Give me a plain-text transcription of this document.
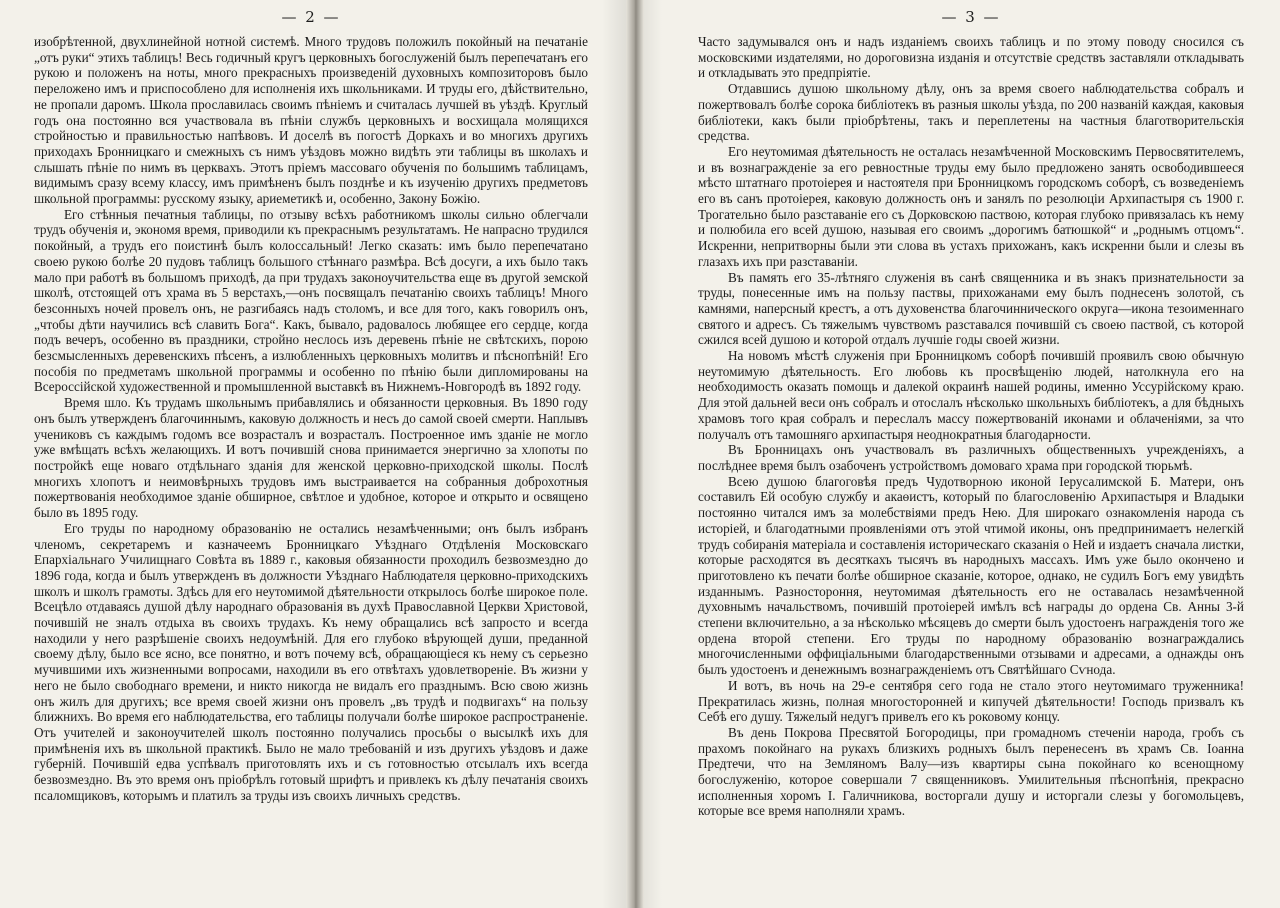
— 2 —

изобрѣтенной, двухлинейной нотной системѣ. Много трудовъ положилъ покойный на печатаніе „отъ руки“ этихъ таблицъ! Весь годичный кругъ церковныхъ богослуженій былъ перепечатанъ его рукою и положенъ на ноты, много прекрасныхъ произведеній духовныхъ композиторовъ было переложено имъ и приспособлено для исполненія ихъ школьниками. И труды его, дѣйствительно, не пропали даромъ. Школа прославилась своимъ пѣніемъ и считалась лучшей въ уѣздѣ. Круглый годъ она постоянно вся участвовала въ пѣніи службъ церковныхъ и восхищала молящихся стройностью и правильностью напѣвовъ. И доселѣ въ погостѣ Доркахъ и во многихъ другихъ приходахъ Бронницкаго и смежныхъ съ нимъ уѣздовъ можно видѣть эти таблицы въ школахъ и слышать пѣніе по нимъ въ церквахъ. Этотъ пріемъ массоваго обученія по большимъ таблицамъ, видимымъ сразу всему классу, имъ примѣненъ былъ позднѣе и къ изученію другихъ предметовъ школьной программы: русскому языку, ариеметикѣ и, особенно, Закону Божію.

Его стѣнныя печатныя таблицы, по отзыву всѣхъ работникомъ школы сильно облегчали трудъ обученія и, экономя время, приводили къ прекраснымъ результатамъ. Не напрасно трудился покойный, а трудъ его поистинѣ былъ колоссальный! Легко сказать: имъ было перепечатано своею рукою болѣе 20 пудовъ таблицъ большого стѣннаго размѣра. Всѣ досуги, а ихъ было такъ мало при работѣ въ большомъ приходѣ, да при трудахъ законоучительства еще въ другой земской школѣ, отстоящей отъ храма въ 5 верстахъ,—онъ посвящалъ печатанію своихъ таблицъ! Много безсонныхъ ночей провелъ онъ, не разгибаясь надъ столомъ, и все для того, какъ говорилъ онъ, „чтобы дѣти научились всѣ славить Бога“. Какъ, бывало, радовалось любящее его сердце, когда подъ вечеръ, особенно въ праздники, стройно неслось изъ деревень пѣніе не свѣтскихъ, порою безсмысленныхъ деревенскихъ пѣсенъ, а излюбленныхъ церковныхъ молитвъ и пѣснопѣній! Его пособія по предметамъ школьной программы и особенно по пѣнію были дипломированы на Всероссійской художественной и промышленной выставкѣ въ Нижнемъ-Новгородѣ въ 1892 году.

Время шло. Къ трудамъ школьнымъ прибавлялись и обязанности церковныя. Въ 1890 году онъ былъ утвержденъ благочиннымъ, каковую должность и несъ до самой своей смерти. Наплывъ учениковъ съ каждымъ годомъ все возрасталъ и возрасталъ. Построенное имъ зданіе не могло уже вмѣщать всѣхъ желающихъ. И вотъ почившій снова принимается энергично за хлопоты по постройкѣ еще новаго отдѣльнаго зданія для женской церковно-приходской школы. Послѣ многихъ хлопотъ и неимовѣрныхъ трудовъ имъ выстраивается на собранныя доброхотныя пожертвованія необходимое зданіе обширное, свѣтлое и удобное, которое и открыто и освящено было въ 1895 году.

Его труды по народному образованію не остались незамѣченными; онъ былъ избранъ членомъ, секретаремъ и казначеемъ Бронницкаго Уѣзднаго Отдѣленія Московскаго Епархіальнаго Училищнаго Совѣта въ 1889 г., каковыя обязанности проходилъ безвозмездно до 1896 года, когда и былъ утвержденъ въ должности Уѣзднаго Наблюдателя церковно-приходскихъ школъ и школъ грамоты. Здѣсь для его неутомимой дѣятельности открылось болѣе широкое поле. Всецѣло отдаваясь душой дѣлу народнаго образованія въ духѣ Православной Церкви Христовой, почившій не зналъ отдыха въ своихъ трудахъ. Къ нему обращались всѣ запросто и всегда находили у него разрѣшеніе своихъ недоумѣній. Для его глубоко вѣрующей души, преданной своему дѣлу, было все ясно, все понятно, и вотъ почему всѣ, обращающіеся къ нему съ серьезно мучившими ихъ жизненными вопросами, находили въ его отвѣтахъ удовлетвореніе. Въ жизни у него не было свободнаго времени, и никто никогда не видалъ его празднымъ. Всю свою жизнь онъ жилъ для другихъ; все время своей жизни онъ провелъ „въ трудѣ и подвигахъ“ на пользу ближнихъ. Во время его наблюдательства, его таблицы получали болѣе широкое распространеніе. Отъ учителей и законоучителей школъ постоянно получались просьбы о высылкѣ ихъ для примѣненія ихъ въ школьной практикѣ. Было не мало требованій и изъ другихъ уѣздовъ и даже губерній. Почившій едва успѣвалъ приготовлять ихъ и съ готовностью отсылалъ ихъ всегда безвозмездно. Въ это время онъ пріобрѣлъ готовый шрифтъ и привлекъ къ дѣлу печатанія своихъ псаломщиковъ, которымъ и платилъ за труды изъ своихъ личныхъ средствъ.

— 3 —

Часто задумывался онъ и надъ изданіемъ своихъ таблицъ и по этому поводу сносился съ московскими издателями, но дороговизна изданія и отсутствіе средствъ заставляли откладывать и откладывать это предпріятіе.

Отдавшись душою школьному дѣлу, онъ за время своего наблюдательства собралъ и пожертвовалъ болѣе сорока библіотекъ въ разныя школы уѣзда, по 200 названій каждая, каковыя библіотеки, какъ были пріобрѣтены, такъ и переплетены на частныя благотворительскія средства.

Его неутомимая дѣятельность не осталась незамѣченной Московскимъ Первосвятителемъ, и въ вознагражденіе за его ревностные труды ему было предложено занять освободившееся мѣсто штатнаго протоіерея и настоятеля при Бронницкомъ городскомъ соборѣ, съ возведеніемъ его въ санъ протоіерея, каковую должность онъ и занялъ по резолюціи Архипастыря съ 1900 г. Трогательно было разставаніе его съ Дорковскою паствою, которая глубоко привязалась къ нему и полюбила его всей душою, называя его своимъ „дорогимъ батюшкой“ и „роднымъ отцомъ“. Искренни, непритворны были эти слова въ устахъ прихожанъ, какъ искренни были и слезы въ глазахъ ихъ при разставаніи.

Въ память его 35-лѣтняго служенія въ санѣ священника и въ знакъ признательности за труды, понесенные имъ на пользу паствы, прихожанами ему былъ поднесенъ золотой, съ камнями, наперсный крестъ, а отъ духовенства благочиннического округа—икона тезоименнаго святого и адресъ. Съ тяжелымъ чувствомъ разставался почившій съ своею паствой, съ которой сжился всей душою и которой отдалъ лучшіе годы своей жизни.

На новомъ мѣстѣ служенія при Бронницкомъ соборѣ почившій проявилъ свою обычную неутомимую дѣятельность. Его любовь къ просвѣщенію людей, натолкнула его на необходимость оказать помощь и далекой окраинѣ нашей родины, именно Уссурійскому краю. Для этой дальней веси онъ собралъ и отослалъ нѣсколько школьныхъ библіотекъ, а для бѣдныхъ храмовъ того края собралъ и переслалъ массу пожертвованій иконами и облаченіями, за что получалъ отъ тамошняго архипастыря неоднократныя благодарности.

Въ Бронницахъ онъ участвовалъ въ различныхъ общественныхъ учрежденіяхъ, а послѣднее время былъ озабоченъ устройствомъ домоваго храма при городской тюрьмѣ.

Всею душою благоговѣя предъ Чудотворною иконой Іерусалимской Б. Матери, онъ составилъ Ей особую службу и акаѳистъ, который по благословенію Архипастыря и Владыки постоянно читался имъ за молебствіями предъ Нею. Для широкаго ознакомленія народа съ исторіей, и благодатными проявленіями отъ этой чтимой иконы, онъ предпринимаетъ нелегкій трудъ собиранія матеріала и составленія историческаго сказанія о Ней и издаетъ сначала листки, которые расходятся въ десяткахъ тысячъ въ народныхъ массахъ. Имъ уже было окончено и приготовлено къ печати болѣе обширное сказаніе, которое, однако, не судилъ Богъ ему увидѣть изданнымъ. Разностороння, неутомимая дѣятельность его не оставалась незамѣченной духовнымъ начальствомъ, почившій протоіерей имѣлъ всѣ награды до ордена Св. Анны 3-й степени включительно, а за нѣсколько мѣсяцевъ до смерти былъ удостоенъ награжденія того же ордена второй степени. Его труды по народному образованію вознаграждались многочисленными оффиціальными благодарственными отзывами и адресами, а однажды онъ былъ удостоенъ и денежнымъ вознагражденіемъ отъ Святѣйшаго Сѵнода.

И вотъ, въ ночь на 29-е сентября сего года не стало этого неутомимаго труженника! Прекратилась жизнь, полная многосторонней и кипучей дѣятельности! Господь призвалъ къ Себѣ его душу. Тяжелый недугъ привелъ его къ роковому концу.

Въ день Покрова Пресвятой Богородицы, при громадномъ стеченіи народа, гробъ съ прахомъ покойнаго на рукахъ близкихъ родныхъ былъ перенесенъ въ храмъ Св. Іоанна Предтечи, что на Земляномъ Валу—изъ квартиры сына покойнаго ко всенощному богослуженію, которое совершали 7 священниковъ. Умилительныя пѣснопѣнія, прекрасно исполненныя хоромъ І. Галичникова, восторгали душу и исторгали слезы у богомольцевъ, которые все время наполняли храмъ.
